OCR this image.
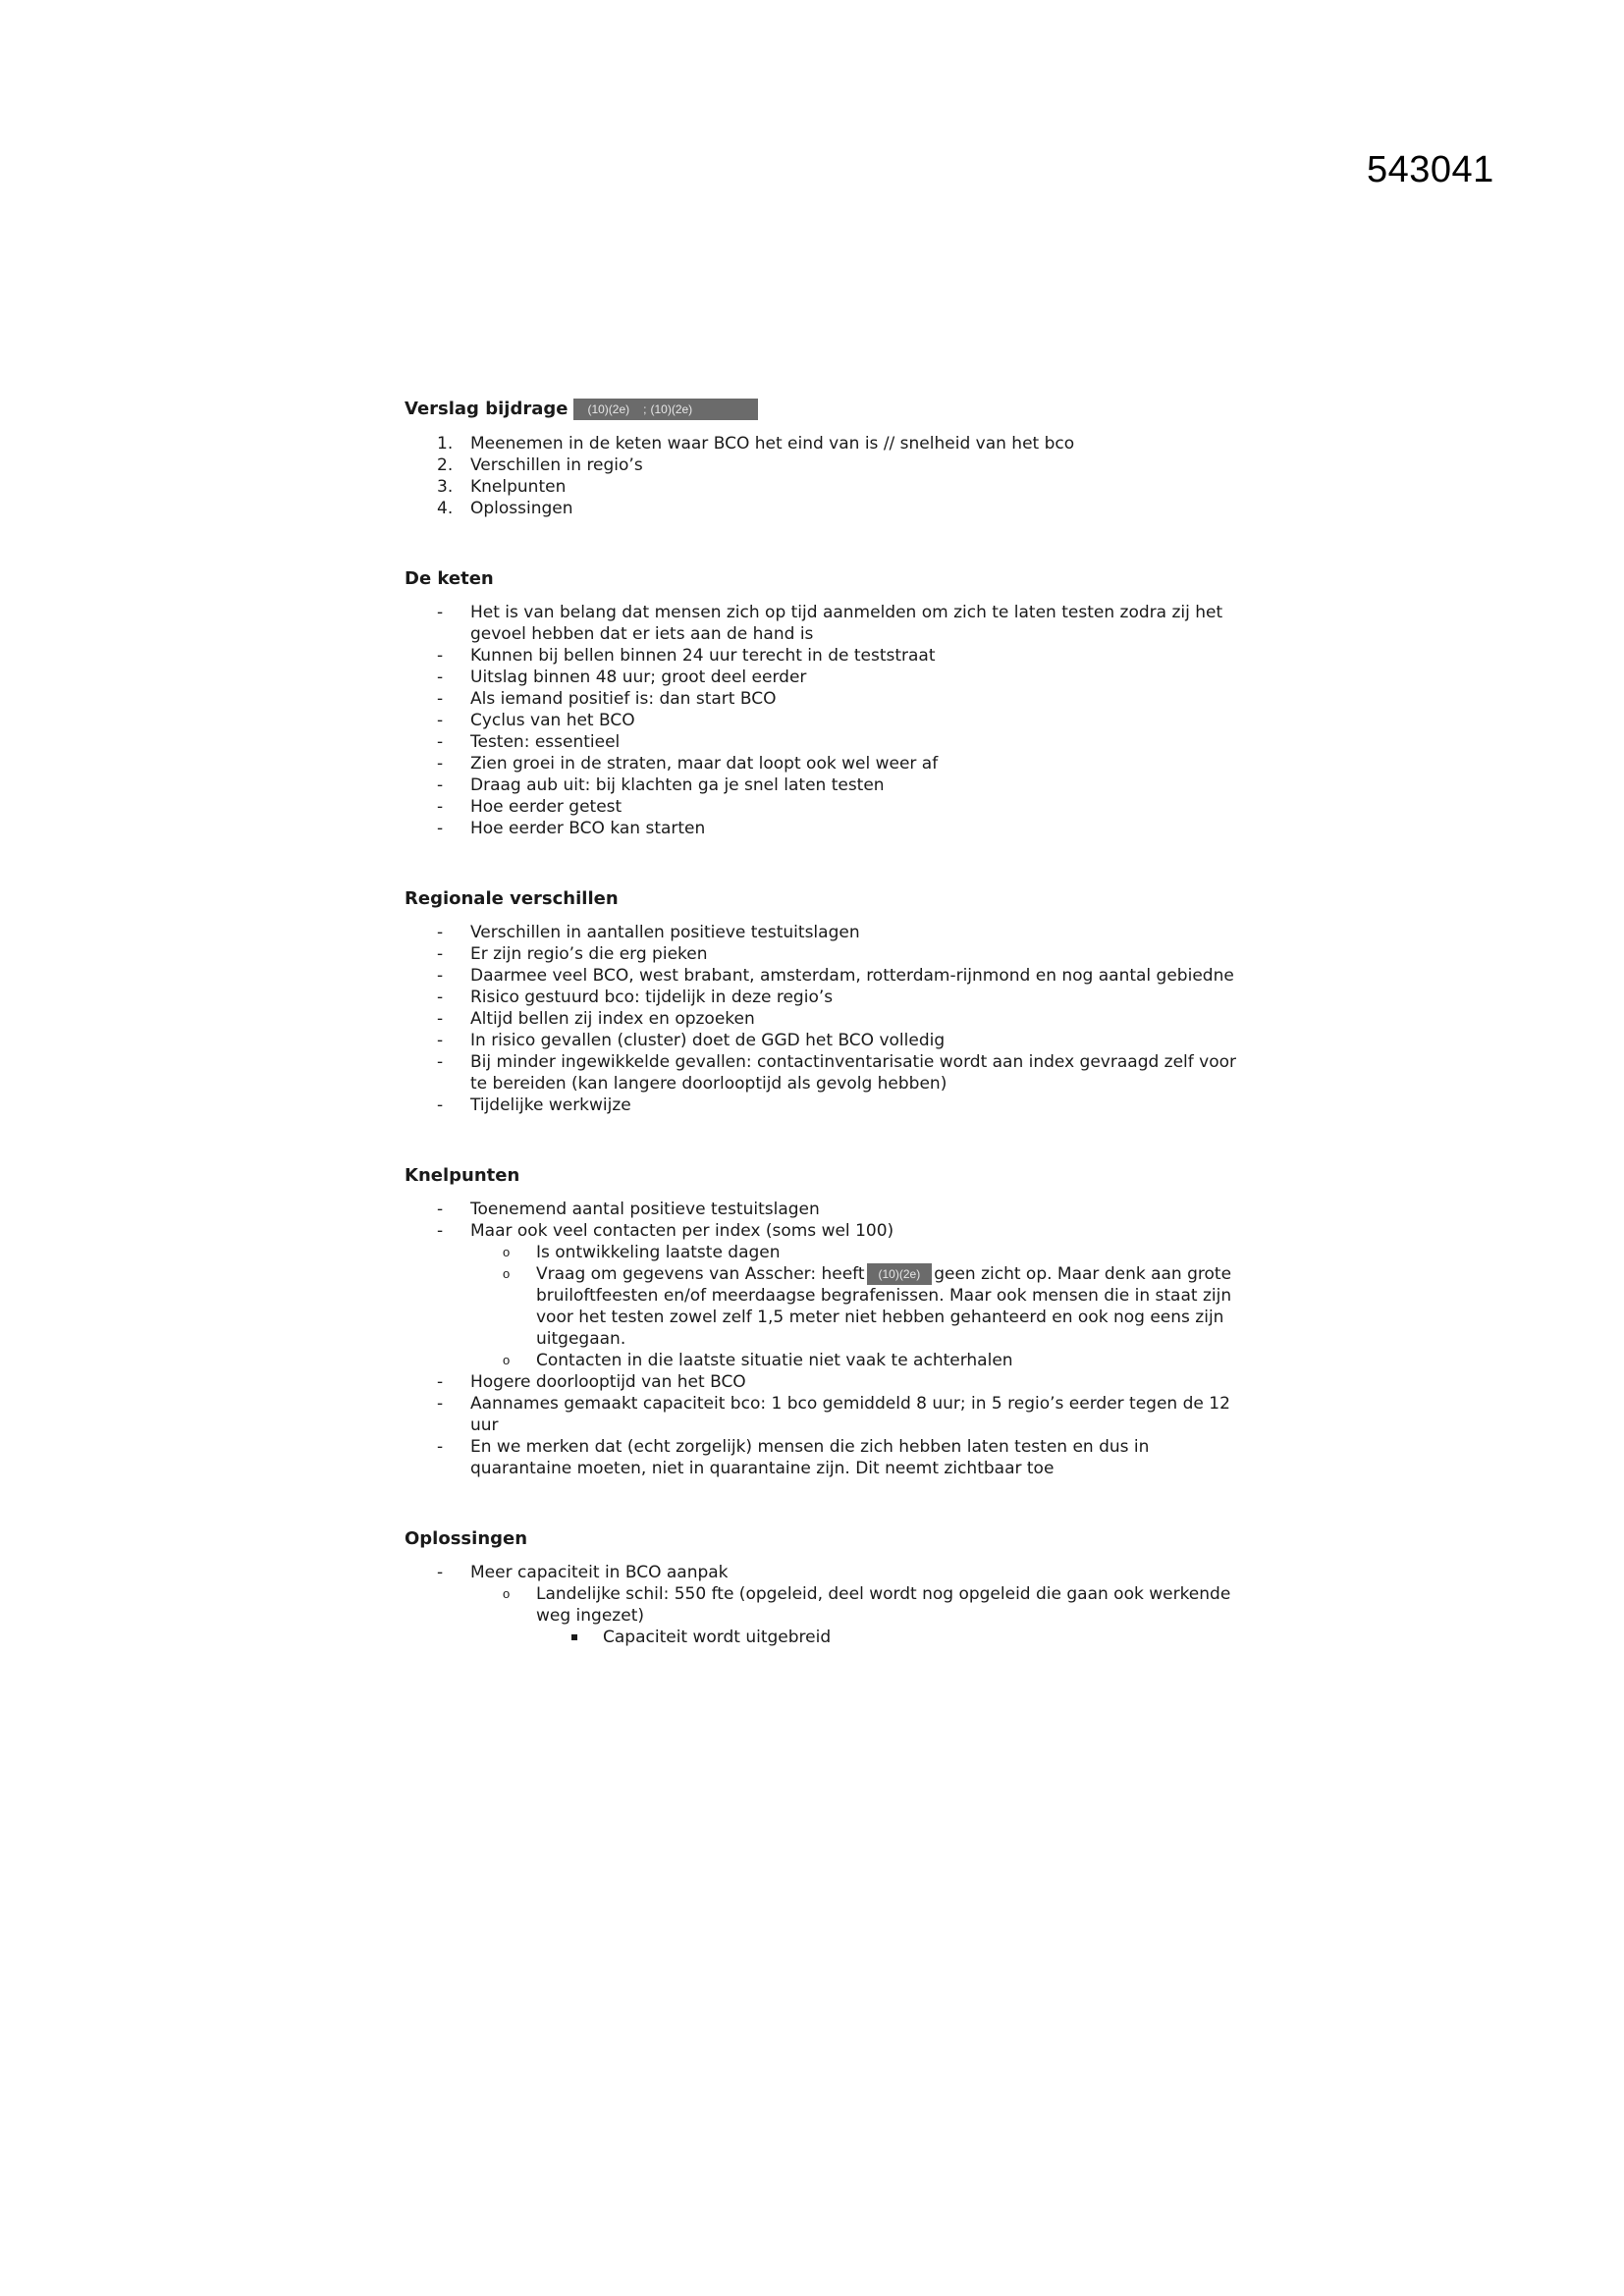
543041
Verslag bijdrage (10)(2e) ; (10)(2e)
1. Meenemen in de keten waar BCO het eind van is // snelheid van het bco
2. Verschillen in regio’s
3. Knelpunten
4. Oplossingen
De keten
- Het is van belang dat mensen zich op tijd aanmelden om zich te laten testen zodra zij het gevoel hebben dat er iets aan de hand is
- Kunnen bij bellen binnen 24 uur terecht in de teststraat
- Uitslag binnen 48 uur; groot deel eerder
- Als iemand positief is: dan start BCO
- Cyclus van het BCO
- Testen: essentieel
- Zien groei in de straten, maar dat loopt ook wel weer af
- Draag aub uit: bij klachten ga je snel laten testen
- Hoe eerder getest
- Hoe eerder BCO kan starten
Regionale verschillen
- Verschillen in aantallen positieve testuitslagen
- Er zijn regio’s die erg pieken
- Daarmee veel BCO, west brabant, amsterdam, rotterdam-rijnmond en nog aantal gebiedne
- Risico gestuurd bco: tijdelijk in deze regio’s
- Altijd bellen zij index en opzoeken
- In risico gevallen (cluster) doet de GGD het BCO volledig
- Bij minder ingewikkelde gevallen: contactinventarisatie wordt aan index gevraagd zelf voor te bereiden (kan langere doorlooptijd als gevolg hebben)
- Tijdelijke werkwijze
Knelpunten
- Toenemend aantal positieve testuitslagen
- Maar ook veel contacten per index (soms wel 100)
o Is ontwikkeling laatste dagen
o Vraag om gegevens van Asscher: heeft (10)(2e) geen zicht op. Maar denk aan grote bruiloftfeesten en/of meerdaagse begrafenissen. Maar ook mensen die in staat zijn voor het testen zowel zelf 1,5 meter niet hebben gehanteerd en ook nog eens zijn uitgegaan.
o Contacten in die laatste situatie niet vaak te achterhalen
- Hogere doorlooptijd van het BCO
- Aannames gemaakt capaciteit bco: 1 bco gemiddeld 8 uur; in 5 regio’s eerder tegen de 12 uur
- En we merken dat (echt zorgelijk) mensen die zich hebben laten testen en dus in quarantaine moeten, niet in quarantaine zijn. Dit neemt zichtbaar toe
Oplossingen
- Meer capaciteit in BCO aanpak
o Landelijke schil: 550 fte (opgeleid, deel wordt nog opgeleid die gaan ook werkende weg ingezet)
Capaciteit wordt uitgebreid
